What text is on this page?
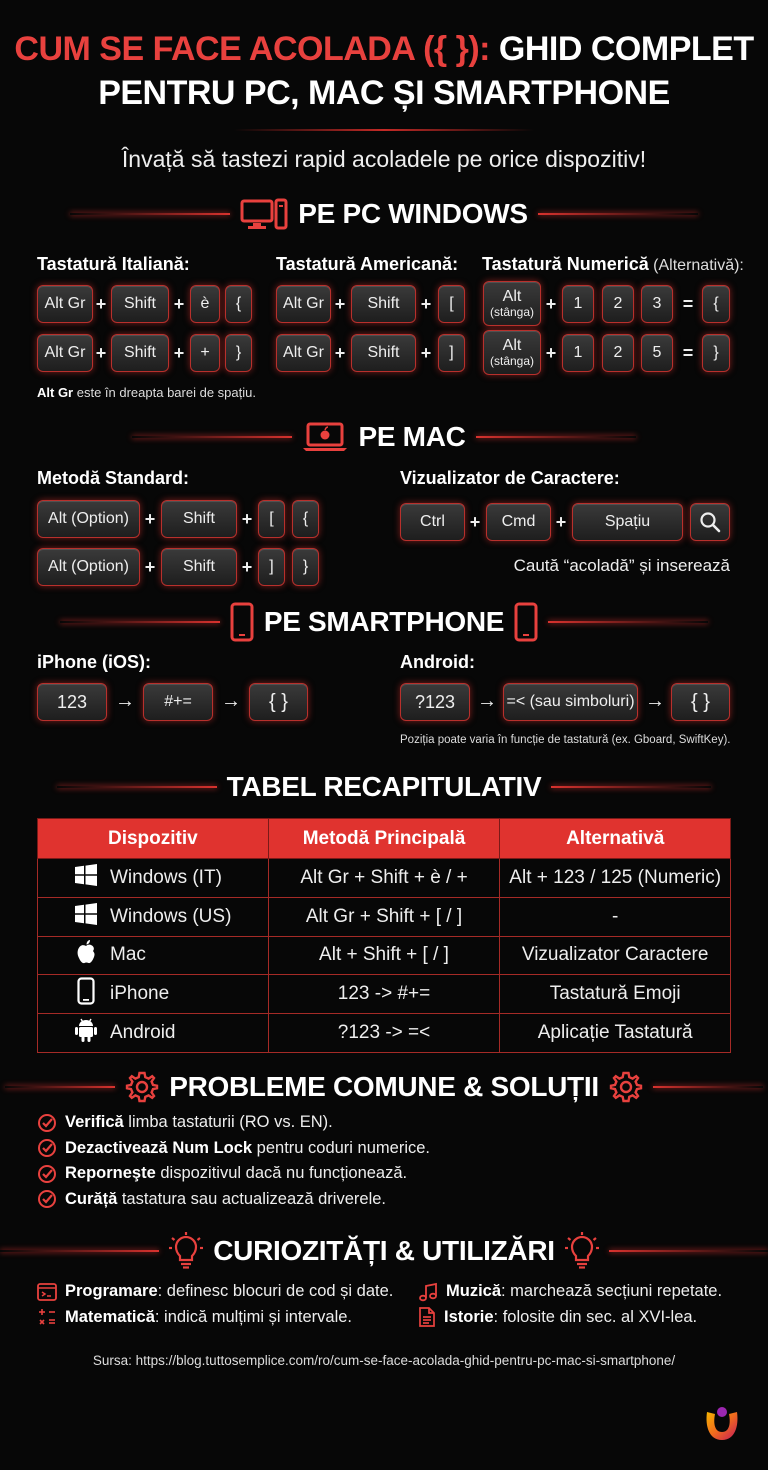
CUM SE FACE ACOLADA ({ }): GHID COMPLET
PENTRU PC, MAC ȘI SMARTPHONE
Învață să tastezi rapid acoladele pe orice dispozitiv!
PE PC WINDOWS
Tastatură Italiană:
Alt Gr +	Shift +	è	{
Alt Gr +	Shift +	+	}
Tastatură Americană:
Alt Gr +	Shift	+	[
Alt Gr +	Shift	+	]
Tastatură Numerică (Alternativă):
Alt
(stânga) +	1	2	3	=	{
Alt
(stânga) +	1	2	5	=	}
Alt Gr este în dreapta barei de spațiu.
PE MAC
Metodă Standard:
Alt (Option) +	Shift	+	[	{
Alt (Option) +	Shift	+	]	}
Vizualizator de Caractere:
Ctrl	+	Cmd	+	Spațiu
Caută “acoladă” și inserează
PE SMARTPHONE
iPhone (iOS):
123	→	#+=	→	{ }
Android:
?123	→ =< (sau simboluri) →	{ }
Poziția poate varia în funcție de tastatură (ex. Gboard, SwiftKey).
TABEL RECAPITULATIV
Dispozitiv	Metodă Principală	Alternativă
Windows (IT)	Alt Gr + Shift + è / +	Alt + 123 / 125 (Numeric)
Windows (US)	Alt Gr + Shift + [ / ]	-
Mac	Alt + Shift + [ / ]	Vizualizator Caractere
iPhone	123 -> #+=	Tastatură Emoji
Android	?123 -> =<	Aplicație Tastatură
PROBLEME COMUNE & SOLUȚII
Verifică limba tastaturii (RO vs. EN).
Dezactivează Num Lock pentru coduri numerice.
Reporneşte dispozitivul dacă nu funcționează.
Curăță tastatura sau actualizează driverele.
CURIOZITĂȚI & UTILIZĂRI
Programare: definesc blocuri de cod și date.
Matematică: indică mulțimi și intervale.
Muzică: marchează secțiuni repetate.
Istorie: folosite din sec. al XVI-lea.
Sursa: https://blog.tuttosemplice.com/ro/cum-se-face-acolada-ghid-pentru-pc-mac-si-smartphone/
